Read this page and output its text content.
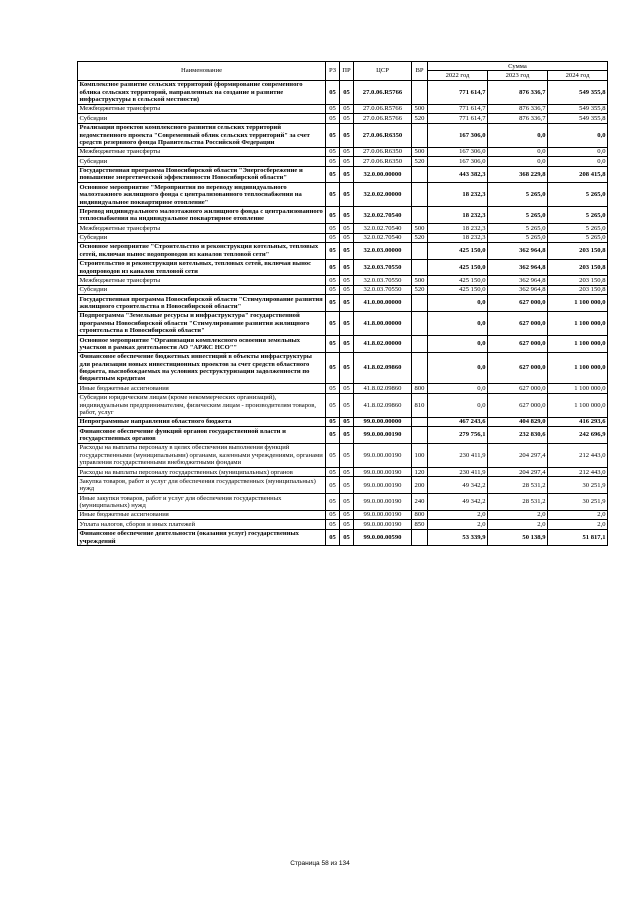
Наименование	РЗ	ПР	ЦСР	ВР	Сумма		
					2022 год	2023 год	2024 год
Комплексное развитие сельских территорий (формирование современного облика сельских территорий, направленных на создание и развитие инфраструктуры в сельской местности)	05	05	27.0.06.R5766		771 614,7	876 336,7	549 355,8
Межбюджетные трансферты	05	05	27.0.06.R5766	500	771 614,7	876 336,7	549 355,8
Субсидии	05	05	27.0.06.R5766	520	771 614,7	876 336,7	549 355,8
Реализация проектов комплексного развития сельских территорий ведомственного проекта "Современный облик сельских территорий" за счет средств резервного фонда Правительства Российской Федерации	05	05	27.0.06.R6350		167 306,0	0,0	0,0
Межбюджетные трансферты	05	05	27.0.06.R6350	500	167 306,0	0,0	0,0
Субсидии	05	05	27.0.06.R6350	520	167 306,0	0,0	0,0
Государственная программа Новосибирской области "Энергосбережение и повышение энергетической эффективности Новосибирской области"	05	05	32.0.00.00000		443 382,3	368 229,8	208 415,8
Основное мероприятие "Мероприятия по переводу индивидуального малоэтажного жилищного фонда с централизованного теплоснабжения на индивидуальное поквартирное отопление"	05	05	32.0.02.00000		18 232,3	5 265,0	5 265,0
Перевод индивидуального малоэтажного жилищного фонда с централизованного теплоснабжения на индивидуальное поквартирное отопление	05	05	32.0.02.70540		18 232,3	5 265,0	5 265,0
Межбюджетные трансферты	05	05	32.0.02.70540	500	18 232,3	5 265,0	5 265,0
Субсидии	05	05	32.0.02.70540	520	18 232,3	5 265,0	5 265,0
Основное мероприятие "Строительство и реконструкция котельных, тепловых сетей, включая вынос водопроводов из каналов тепловой сети"	05	05	32.0.03.00000		425 150,0	362 964,8	203 150,8
Строительство и реконструкция котельных, тепловых сетей, включая вынос водопроводов из каналов тепловой сети	05	05	32.0.03.70550		425 150,0	362 964,8	203 150,8
Межбюджетные трансферты	05	05	32.0.03.70550	500	425 150,0	362 964,8	203 150,8
Субсидии	05	05	32.0.03.70550	520	425 150,0	362 964,8	203 150,8
Государственная программа Новосибирской области "Стимулирование развития жилищного строительства в Новосибирской области"	05	05	41.0.00.00000		0,0	627 000,0	1 100 000,0
Подпрограмма "Земельные ресурсы и инфраструктура" государственной программы Новосибирской области "Стимулирование развития жилищного строительства в Новосибирской области"	05	05	41.8.00.00000		0,0	627 000,0	1 100 000,0
Основное мероприятие "Организация комплексного освоения земельных участков в рамках деятельности АО "АРЖС НСО""	05	05	41.8.02.00000		0,0	627 000,0	1 100 000,0
Финансовое обеспечение бюджетных инвестиций в объекты инфраструктуры для реализации новых инвестиционных проектов за счет средств областного бюджета, высвобождаемых на условиях реструктуризации задолженности по бюджетным кредитам	05	05	41.8.02.09860		0,0	627 000,0	1 100 000,0
Иные бюджетные ассигнования	05	05	41.8.02.09860	800	0,0	627 000,0	1 100 000,0
Субсидии юридическим лицам (кроме некоммерческих организаций), индивидуальным предпринимателям, физическим лицам - производителям товаров, работ, услуг	05	05	41.8.02.09860	810	0,0	627 000,0	1 100 000,0
Непрограммные направления областного бюджета	05	05	99.0.00.00000		467 243,6	404 829,0	416 293,6
Финансовое обеспечение функций органов государственной власти и государственных органов	05	05	99.0.00.00190		279 756,1	232 830,6	242 696,9
Расходы на выплаты персоналу в целях обеспечения выполнения функций государственными (муниципальными) органами, казенными учреждениями, органами управления государственными внебюджетными фондами	05	05	99.0.00.00190	100	230 411,9	204 297,4	212 443,0
Расходы на выплаты персоналу государственных (муниципальных) органов	05	05	99.0.00.00190	120	230 411,9	204 297,4	212 443,0
Закупка товаров, работ и услуг для обеспечения государственных (муниципальных) нужд	05	05	99.0.00.00190	200	49 342,2	28 531,2	30 251,9
Иные закупки товаров, работ и услуг для обеспечения государственных (муниципальных) нужд	05	05	99.0.00.00190	240	49 342,2	28 531,2	30 251,9
Иные бюджетные ассигнования	05	05	99.0.00.00190	800	2,0	2,0	2,0
Уплата налогов, сборов и иных платежей	05	05	99.0.00.00190	850	2,0	2,0	2,0
Финансовое обеспечение деятельности (оказания услуг) государственных учреждений	05	05	99.0.00.00590		53 339,9	50 138,9	51 817,1
Страница 58 из 134
